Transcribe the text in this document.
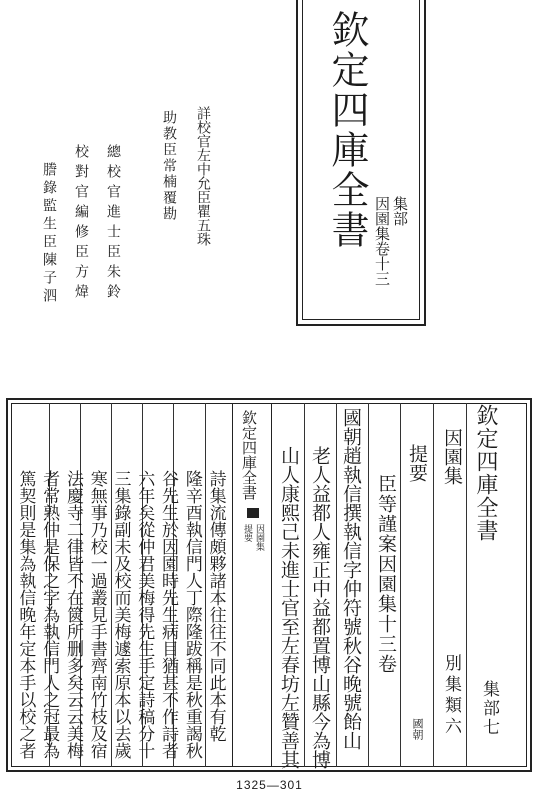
欽定四庫全書 集部
因園集卷十三
詳校官左中允臣瞿五珠
助教臣常楠覆勘
總校官進士臣朱鈴
校對官編修臣方煒
謄錄監生臣陳子泗
欽定四庫全書
集部七
因園集
別集類六
國朝
提要
臣等謹案因園集十三卷
國朝趙執信撰執信字仲符號秋谷晚號飴山
老人益都人雍正中益都置博山縣今為博
山人康熙己未進士官至左春坊左贊善其
詩集流傳頗夥諸本往往不同此本有乾
隆辛酉執信門人丁際隆跋稱是秋重謁秋
谷先生於因園時先生病目猶甚不作詩者
六年矣從仲君美梅得先生手定詩稿分十
三集錄副未及校而美梅遽索原本以去歲
寒無事乃校一過叢見手書齊南竹枝及宿
法慶寺二律皆不在篋所删多矣云云美梅
者常熟仲是保之字為執信門人之冠最為
篤契則是集為執信晚年定本手以校之者
欽定四庫全書
因園集
提要
1325—301
